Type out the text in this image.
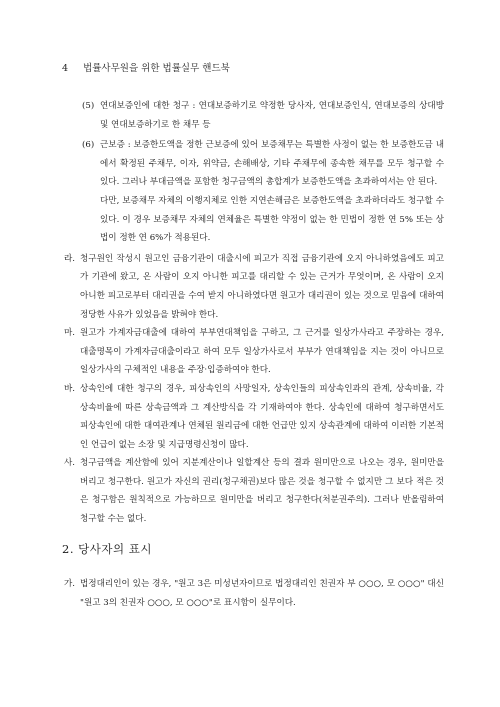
4 법률사무원을 위한 법률실무 핸드북

(5) 연대보증인에 대한 청구 : 연대보증하기로 약정한 당사자, 연대보증인식, 연대보증의 상대방 및 연대보증하기로 한 채무 등

(6) 근보증 : 보증한도액을 정한 근보증에 있어 보증채무는 특별한 사정이 없는 한 보증한도금 내에서 확정된 주채무, 이자, 위약금, 손해배상, 기타 주채무에 종속한 채무를 모두 청구할 수 있다. 그러나 부대금액을 포함한 청구금액의 총합계가 보증한도액을 초과하여서는 안 된다.

다만, 보증채무 자체의 이행지체로 인한 지연손해금은 보증한도액을 초과하더라도 청구할 수 있다. 이 경우 보증채무 자체의 연체율은 특별한 약정이 없는 한 민법이 정한 연 5% 또는 상법이 정한 연 6%가 적용된다.

라. 청구원인 작성시 원고인 금융기관이 대출시에 피고가 직접 금융기관에 오지 아니하였음에도 피고가 기관에 왔고, 온 사람이 오지 아니한 피고를 대리할 수 있는 근거가 무엇이며, 온 사람이 오지 아니한 피고로부터 대리권을 수여 받지 아니하였다면 원고가 대리권이 있는 것으로 믿음에 대하여 정당한 사유가 있었음을 밝혀야 한다.

마. 원고가 가계자금대출에 대하여 부부연대책임을 구하고, 그 근거를 일상가사라고 주장하는 경우, 대출명목이 가계자금대출이라고 하여 모두 일상가사로서 부부가 연대책임을 지는 것이 아니므로 일상가사의 구체적인 내용을 주장·입증하여야 한다.

바. 상속인에 대한 청구의 경우, 피상속인의 사망일자, 상속인들의 피상속인과의 관계, 상속비율, 각 상속비율에 따른 상속금액과 그 계산방식을 각 기재하여야 한다. 상속인에 대하여 청구하면서도 피상속인에 대한 대여관계나 연체된 원리금에 대한 언급만 있지 상속관계에 대하여 이러한 기본적인 언급이 없는 소장 및 지급명령신청이 많다.

사. 청구금액을 계산함에 있어 지분계산이나 일할계산 등의 결과 원미만으로 나오는 경우, 원미만을 버리고 청구한다. 원고가 자신의 권리(청구채권)보다 많은 것을 청구할 수 없지만 그 보다 적은 것은 청구함은 원칙적으로 가능하므로 원미만을 버리고 청구한다(처분권주의). 그러나 반올림하여 청구할 수는 없다.

2. 당사자의 표시

가. 법정대리인이 있는 경우, "원고 3은 미성년자이므로 법정대리인 친권자 부 ○○○, 모 ○○○" 대신 "원고 3의 친권자 ○○○, 모 ○○○"로 표시함이 실무이다.
